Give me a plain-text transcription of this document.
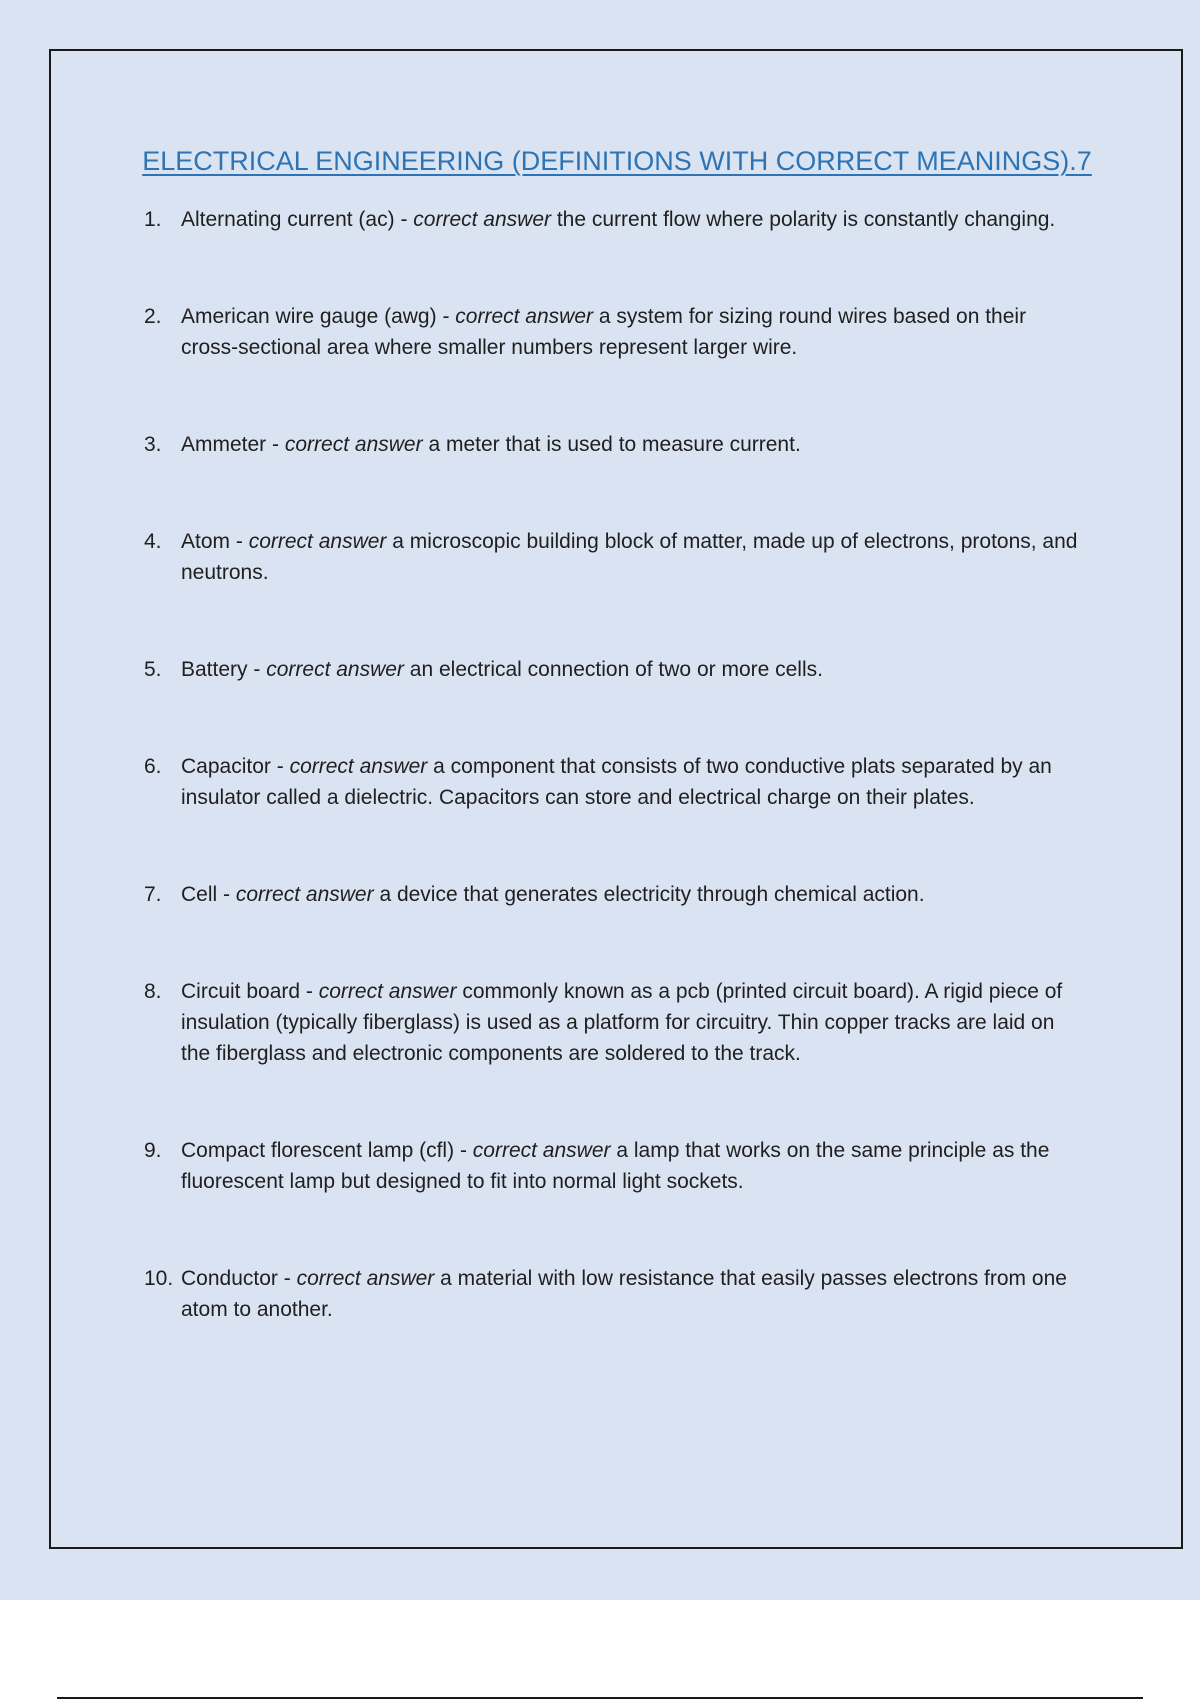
ELECTRICAL ENGINEERING (DEFINITIONS WITH CORRECT MEANINGS).7
1. Alternating current (ac) - correct answer the current flow where polarity is constantly changing.
2. American wire gauge (awg) - correct answer a system for sizing round wires based on their cross-sectional area where smaller numbers represent larger wire.
3. Ammeter - correct answer a meter that is used to measure current.
4. Atom - correct answer a microscopic building block of matter, made up of electrons, protons, and neutrons.
5. Battery - correct answer an electrical connection of two or more cells.
6. Capacitor - correct answer a component that consists of two conductive plats separated by an insulator called a dielectric. Capacitors can store and electrical charge on their plates.
7. Cell - correct answer a device that generates electricity through chemical action.
8. Circuit board - correct answer commonly known as a pcb (printed circuit board). A rigid piece of insulation (typically fiberglass) is used as a platform for circuitry. Thin copper tracks are laid on the fiberglass and electronic components are soldered to the track.
9. Compact florescent lamp (cfl) - correct answer a lamp that works on the same principle as the fluorescent lamp but designed to fit into normal light sockets.
10. Conductor - correct answer a material with low resistance that easily passes electrons from one atom to another.
